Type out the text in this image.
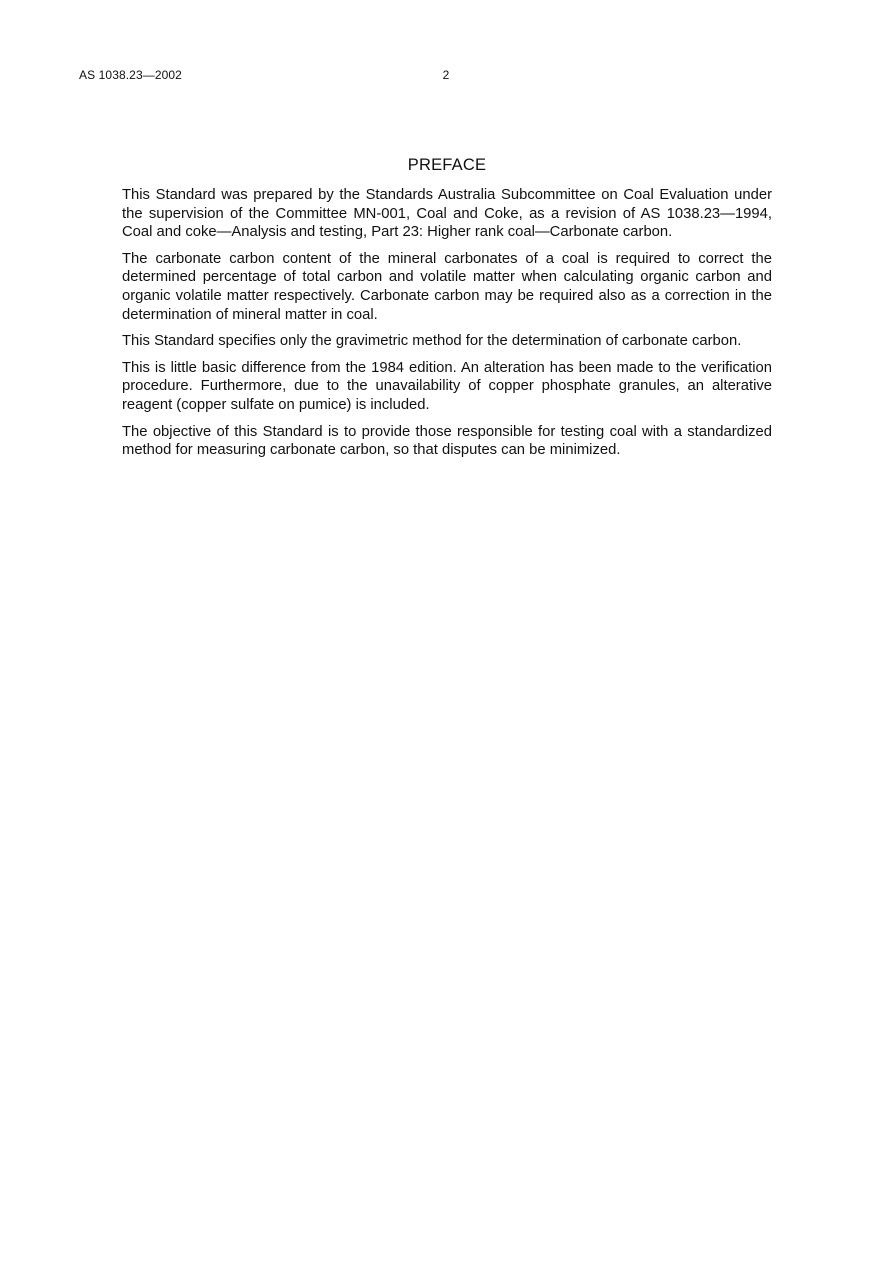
AS 1038.23—2002	2
PREFACE

This Standard was prepared by the Standards Australia Subcommittee on Coal Evaluation under the supervision of the Committee MN-001, Coal and Coke, as a revision of AS 1038.23—1994, Coal and coke—Analysis and testing, Part 23: Higher rank coal—Carbonate carbon.

The carbonate carbon content of the mineral carbonates of a coal is required to correct the determined percentage of total carbon and volatile matter when calculating organic carbon and organic volatile matter respectively. Carbonate carbon may be required also as a correction in the determination of mineral matter in coal.

This Standard specifies only the gravimetric method for the determination of carbonate carbon.

This is little basic difference from the 1984 edition. An alteration has been made to the verification procedure. Furthermore, due to the unavailability of copper phosphate granules, an alterative reagent (copper sulfate on pumice) is included.

The objective of this Standard is to provide those responsible for testing coal with a standardized method for measuring carbonate carbon, so that disputes can be minimized.
